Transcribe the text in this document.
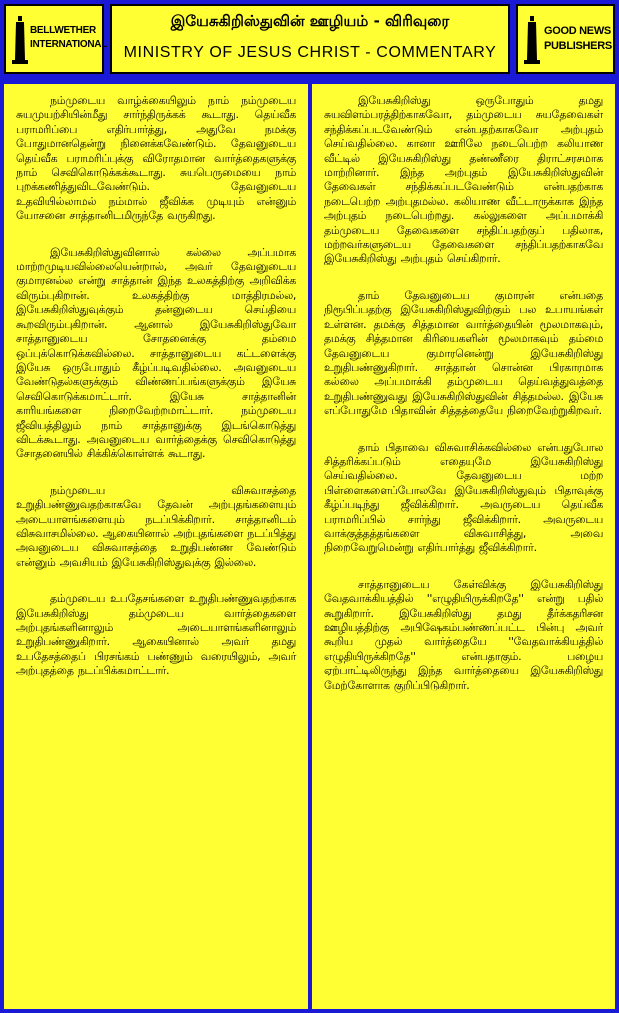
BELLWETHER INTERNATIONAL
இயேசுகிறிஸ்துவின் ஊழியம் - விரிவுரை
MINISTRY OF JESUS CHRIST - COMMENTARY
GOOD NEWS PUBLISHERS

நம்முடைய வாழ்க்கையிலும் நாம் நம்முடைய சுயமுயற்சியின்மீது சார்ந்திருக்கக் கூடாது. தெய்வீக பராமரிப்பை எதிர்பார்த்து, அதுவே நமக்கு போதுமானதென்று நினைக்கவேண்டும். தேவனுடைய தெய்வீக பராமரிப்புக்கு விரோதமான வார்த்தைகளுக்கு நாம் செவிகொடுக்கக்கூடாது. சுயபெருமையை நாம் புறக்கணித்துவிடவேண்டும். தேவனுடைய உதவியில்லாமல் நம்மால் ஜீவிக்க முடியும் என்னும் யோசனை சாத்தானிடமிருந்தே வருகிறது.

இயேசுகிறிஸ்துவினால் கல்லை அப்பமாக மாற்றமுடியவில்லையென்றால், அவர் தேவனுடைய குமாரனல்ல என்று சாத்தான் இந்த உலகத்திற்கு அறிவிக்க விரும்புகிறான். உலகத்திற்கு மாத்திரமல்ல, இயேசுகிறிஸ்துவுக்கும் தன்னுடைய செய்தியை கூறவிரும்புகிறான். ஆனால் இயேசுகிறிஸ்துவோ சாத்தானுடைய சோதனைக்கு தம்மை ஒப்புக்கொடுக்கவில்லை. சாத்தானுடைய கட்டளைக்கு இயேசு ஒருபோதும் கீழ்ப்படிவதில்லை. அவனுடைய வேண்டுதல்களுக்கும் விண்ணப்பங்களுக்கும் இயேசு செவிகொடுக்கமாட்டார். இயேசு சாத்தானின் காரியங்களை நிறைவேற்றமாட்டார். நம்முடைய ஜீவியத்திலும் நாம் சாத்தானுக்கு இடங்கொடுத்து விடக்கூடாது. அவனுடைய வார்த்தைக்கு செவிகொடுத்து சோதனையில் சிக்கிக்கொள்ளக் கூடாது.

நம்முடைய விசுவாசத்தை உறுதிபண்ணுவதற்காகவே தேவன் அற்புதங்களையும் அடையாளங்களையும் நடப்பிக்கிறார். சாத்தானிடம் விசுவாசமில்லை. ஆகையினால் அற்புதங்களை நடப்பித்து அவனுடைய விசுவாசத்தை உறுதிபண்ண வேண்டும் என்னும் அவசியம் இயேசுகிறிஸ்துவுக்கு இல்லை.

தம்முடைய உபதேசங்களை உறுதிபண்ணுவதற்காக இயேசுகிறிஸ்து தம்முடைய வார்த்தைகளை அற்புதங்களினாலும் அடையாளங்களினாலும் உறுதிபண்ணுகிறார். ஆகையினால் அவர் தமது உபதேசத்தைப் பிரசங்கம் பண்ணும் வரையிலும், அவர் அற்புதத்தை நடப்பிக்கமாட்டார்.

இயேசுகிறிஸ்து ஒருபோதும் தமது சுயவிளம்பரத்திற்காகவோ, தம்முடைய சுயதேவைகள் சந்திக்கப்படவேண்டும் என்பதற்காகவோ அற்புதம் செய்வதில்லை. கானா ஊரிலே நடைபெற்ற கலியாண வீட்டில் இயேசுகிறிஸ்து தண்ணீரை திராட்சரசமாக மாற்றினார். இந்த அற்புதம் இயேசுகிறிஸ்துவின் தேவைகள் சந்திக்கப்படவேண்டும் என்பதற்காக நடைபெற்ற அற்புதமல்ல. கலியாண வீட்டாருக்காக இந்த அற்புதம் நடைபெற்றது. கல்லுகளை அப்பமாக்கி தம்முடைய தேவைகளை சந்திப்பதற்குப் பதிலாக, மற்றவர்களுடைய தேவைகளை சந்திப்பதற்காகவே இயேசுகிறிஸ்து அற்புதம் செய்கிறார்.

தாம் தேவனுடைய குமாரன் என்பதை நிரூபிப்பதற்கு இயேசுகிறிஸ்துவிற்கும் பல உபாயங்கள் உள்ளன. தமக்கு சித்தமான வார்த்தையின் மூலமாகவும், தமக்கு சித்தமான கிரியைகளின் மூலமாகவும் தம்மை தேவனுடைய குமாரனென்று இயேசுகிறிஸ்து உறுதிபண்ணுகிறார். சாத்தான் சொன்ன பிரகாரமாக கல்லை அப்பமாக்கி தம்முடைய தெய்வத்துவத்தை உறுதிபண்ணுவது இயேசுகிறிஸ்துவின் சித்தமல்ல. இயேசு எப்போதுமே பிதாவின் சித்தத்தையே நிறைவேற்றுகிறவர்.

தாம் பிதாவை விசுவாசிக்கவில்லை என்பதுபோல சித்தரிக்கப்படும் எதையுமே இயேசுகிறிஸ்து செய்வதில்லை. தேவனுடைய மற்ற பிள்ளைகளைப்போலவே இயேசுகிறிஸ்துவும் பிதாவுக்கு கீழ்ப்படிந்து ஜீவிக்கிறார். அவருடைய தெய்வீக பராமரிப்பில் சார்ந்து ஜீவிக்கிறார். அவருடைய வாக்குத்தத்தங்களை விசுவாசித்து, அவை நிறைவேறுமென்று எதிர்பார்த்து ஜீவிக்கிறார்.

சாத்தானுடைய கேள்விக்கு இயேசுகிறிஸ்து வேதவாக்கியத்தில் ''எழுதியிருக்கிறதே'' என்று பதில் கூறுகிறார். இயேசுகிறிஸ்து தமது தீர்க்கதரிசன ஊழியத்திற்கு அபிஷேகம்பண்ணப்பட்ட பின்பு அவர் கூறிய முதல் வார்த்தையே ''வேதவாக்கியத்தில் எழுதியிருக்கிறதே'' என்பதாகும். பழைய ஏற்பாட்டிலிருந்து இந்த வார்த்தையை இயேசுகிறிஸ்து மேற்கோளாக குறிப்பிடுகிறார்.
